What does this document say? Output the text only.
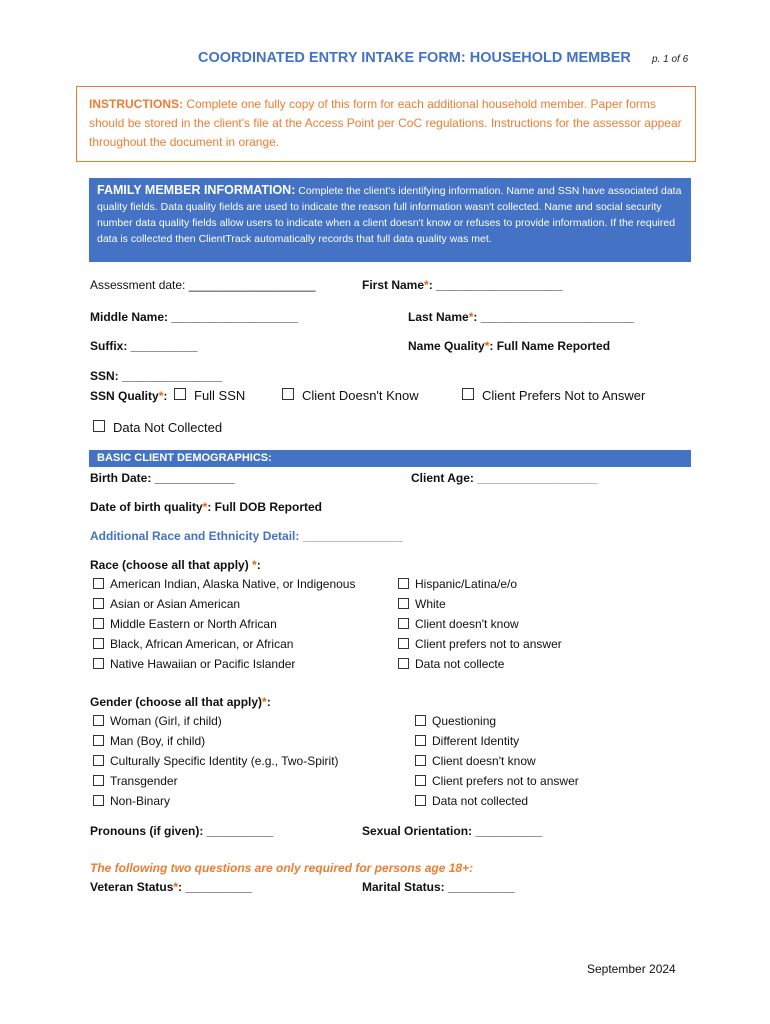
COORDINATED ENTRY INTAKE FORM: HOUSEHOLD MEMBER p. 1 of 6
INSTRUCTIONS: Complete one fully copy of this form for each additional household member. Paper forms should be stored in the client's file at the Access Point per CoC regulations. Instructions for the assessor appear throughout the document in orange.
FAMILY MEMBER INFORMATION: Complete the client's identifying information. Name and SSN have associated data quality fields. Data quality fields are used to indicate the reason full information wasn't collected. Name and social security number data quality fields allow users to indicate when a client doesn't know or refuses to provide information. If the required data is collected then ClientTrack automatically records that full data quality was met.
Assessment date: ___________________	First Name*: ___________________
Middle Name: ___________________	Last Name*: _______________________
Suffix: __________	Name Quality*: Full Name Reported
SSN: _______________
SSN Quality*:	Full SSN	Client Doesn't Know	Client Prefers Not to Answer
Data Not Collected
BASIC CLIENT DEMOGRAPHICS:
Birth Date: ____________	Client Age: __________________
Date of birth quality*: Full DOB Reported
Additional Race and Ethnicity Detail: _______________
Race (choose all that apply) *:
American Indian, Alaska Native, or Indigenous
Asian or Asian American
Middle Eastern or North African
Black, African American, or African
Native Hawaiian or Pacific Islander
Hispanic/Latina/e/o
White
Client doesn't know
Client prefers not to answer
Data not collecte
Gender (choose all that apply)*:
Woman (Girl, if child)
Man (Boy, if child)
Culturally Specific Identity (e.g., Two-Spirit)
Transgender
Non-Binary
Questioning
Different Identity
Client doesn't know
Client prefers not to answer
Data not collected
Pronouns (if given): __________	Sexual Orientation: __________
The following two questions are only required for persons age 18+:
Veteran Status*: __________	Marital Status: __________
September 2024
